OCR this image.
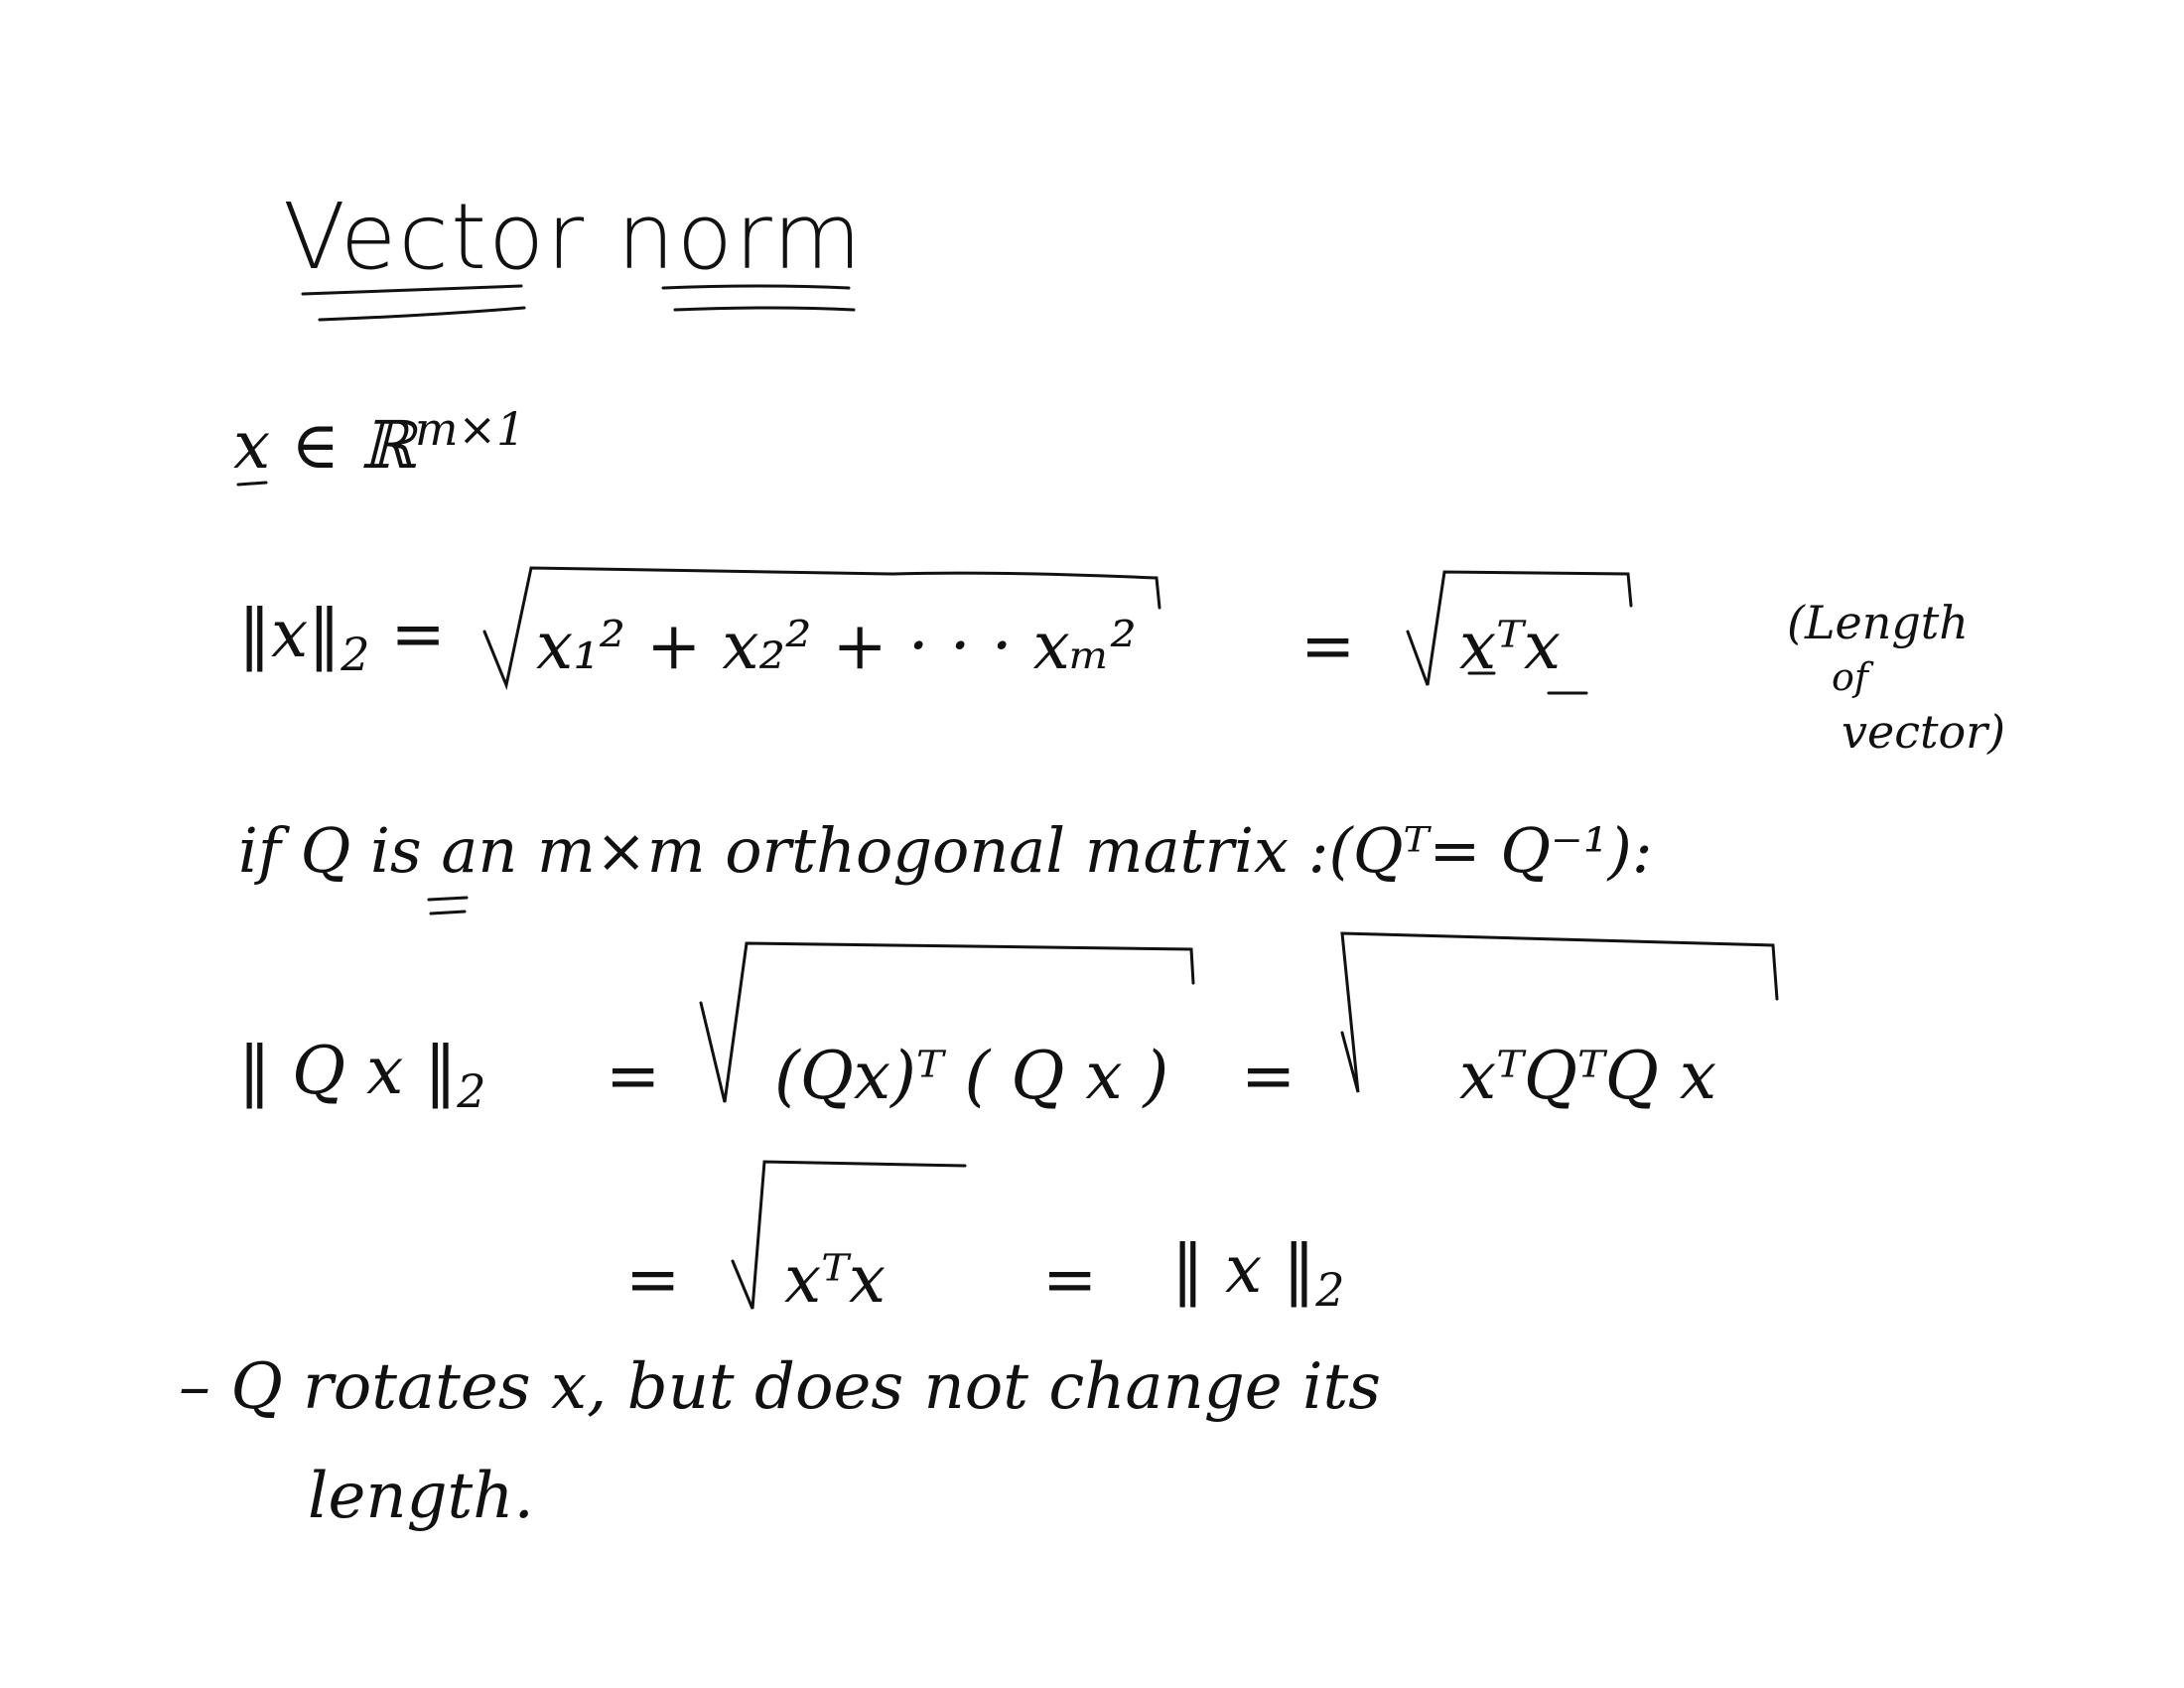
Vector norm
x ∈ ℝ$^{m\times 1}$
$‖x‖_2 = x_1^2 + x_2^2$ + · · · xₘ²	= xᵀx	(Length
of
vector)
if Q is an m×m orthogonal matrix :(Qᵀ= Q⁻¹):
‖ Q x $‖_2$ = (Qx)ᵀ ( Q x ) = xᵀQᵀQ x
= xᵀx = ‖ x $‖_2$
– Q rotates x, but does not change its
length.
